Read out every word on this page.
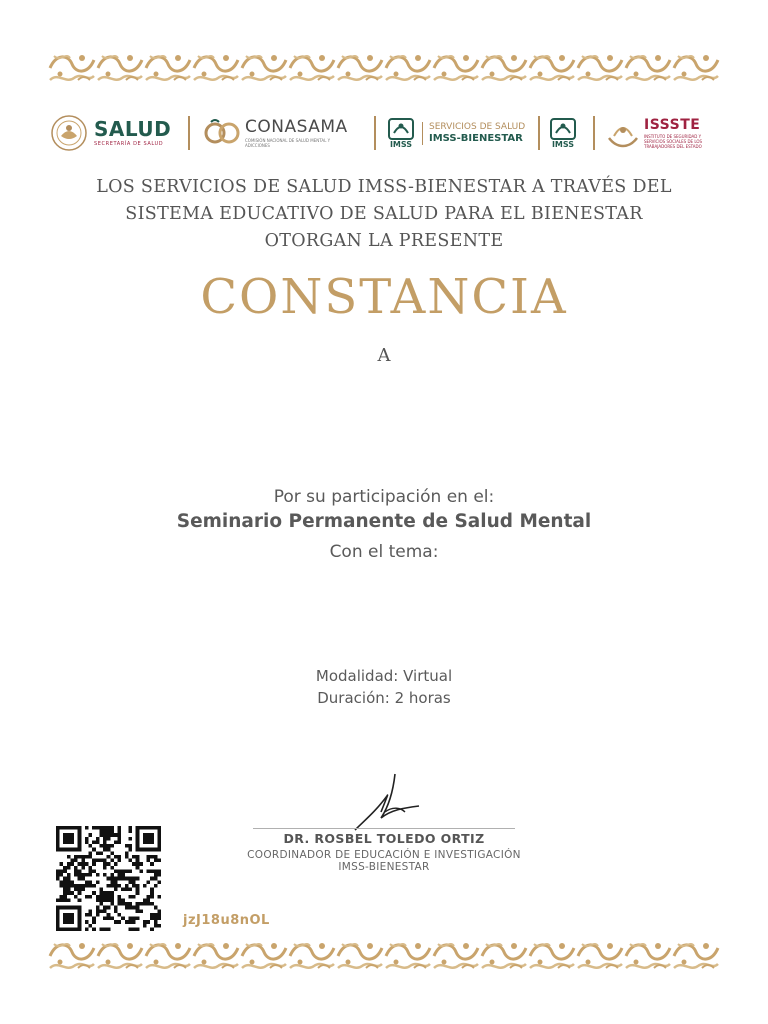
SALUD
SECRETARÍA DE SALUD
CONASAMA
COMISIÓN NACIONAL DE SALUD MENTAL Y ADICCIONES	IMSS
SERVICIOS DE SALUD
IMSS-BIENESTAR
IMSS
ISSSTE
INSTITUTO DE SEGURIDAD Y SERVICIOS SOCIALES DE LOS TRABAJADORES DEL ESTADO
LOS SERVICIOS DE SALUD IMSS-BIENESTAR A TRAVÉS DEL
SISTEMA EDUCATIVO DE SALUD PARA EL BIENESTAR
OTORGAN LA PRESENTE
CONSTANCIA
A
Por su participación en el:
Seminario Permanente de Salud Mental
Con el tema:
Modalidad: Virtual
Duración: 2 horas
DR. ROSBEL TOLEDO ORTIZ
COORDINADOR DE EDUCACIÓN E INVESTIGACIÓN
IMSS-BIENESTAR
jzJ18u8nOL
